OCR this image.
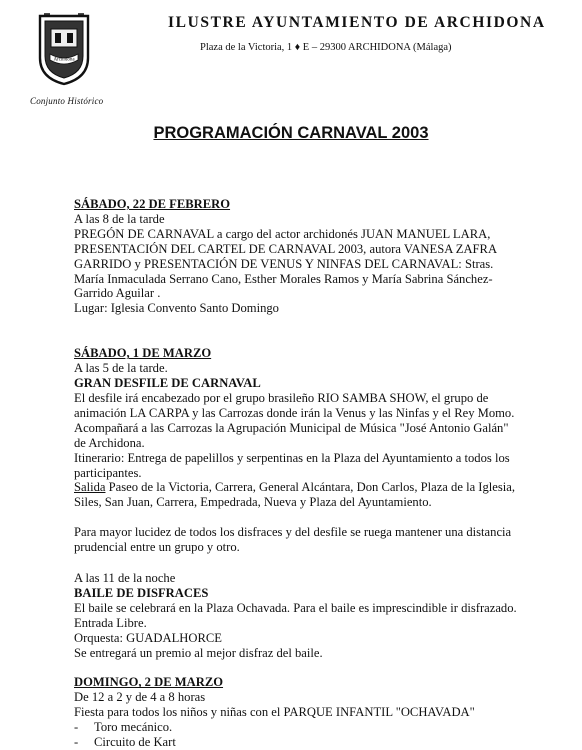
Archidona
Conjunto Histórico
ILUSTRE AYUNTAMIENTO DE ARCHIDONA
Plaza de la Victoria, 1 ♦ E – 29300 ARCHIDONA (Málaga)
PROGRAMACIÓN CARNAVAL 2003
SÁBADO, 22 DE FEBRERO
A las 8 de la tarde
PREGÓN DE CARNAVAL a cargo del actor archidonés JUAN MANUEL LARA,
PRESENTACIÓN DEL CARTEL DE CARNAVAL 2003, autora VANESA ZAFRA
GARRIDO y PRESENTACIÓN DE VENUS Y NINFAS DEL CARNAVAL: Stras.
María Inmaculada Serrano Cano, Esther Morales Ramos y María Sabrina Sánchez-
Garrido Aguilar .
Lugar: Iglesia Convento Santo Domingo
SÁBADO, 1 DE MARZO
A las 5 de la tarde.
GRAN DESFILE DE CARNAVAL
El desfile irá encabezado por el grupo brasileño RIO SAMBA SHOW, el grupo de
animación LA CARPA y las Carrozas donde irán la Venus y las Ninfas y el Rey Momo.
Acompañará a las Carrozas la Agrupación Municipal de Música "José Antonio Galán"
de Archidona.
Itinerario: Entrega de papelillos y serpentinas en la Plaza del Ayuntamiento a todos los
participantes.
Salida Paseo de la Victoria, Carrera, General Alcántara, Don Carlos, Plaza de la Iglesia,
Siles, San Juan, Carrera, Empedrada, Nueva y Plaza del Ayuntamiento.
Para mayor lucidez de todos los disfraces y del desfile se ruega mantener una distancia
prudencial entre un grupo y otro.
A las 11 de la noche
BAILE DE DISFRACES
El baile se celebrará en la Plaza Ochavada. Para el baile es imprescindible ir disfrazado.
Entrada Libre.
Orquesta: GUADALHORCE
Se entregará un premio al mejor disfraz del baile.
DOMINGO, 2 DE MARZO
De 12 a 2 y de 4 a 8 horas
Fiesta para todos los niños y niñas con el PARQUE INFANTIL "OCHAVADA"
- Toro mecánico.
- Circuito de Kart
